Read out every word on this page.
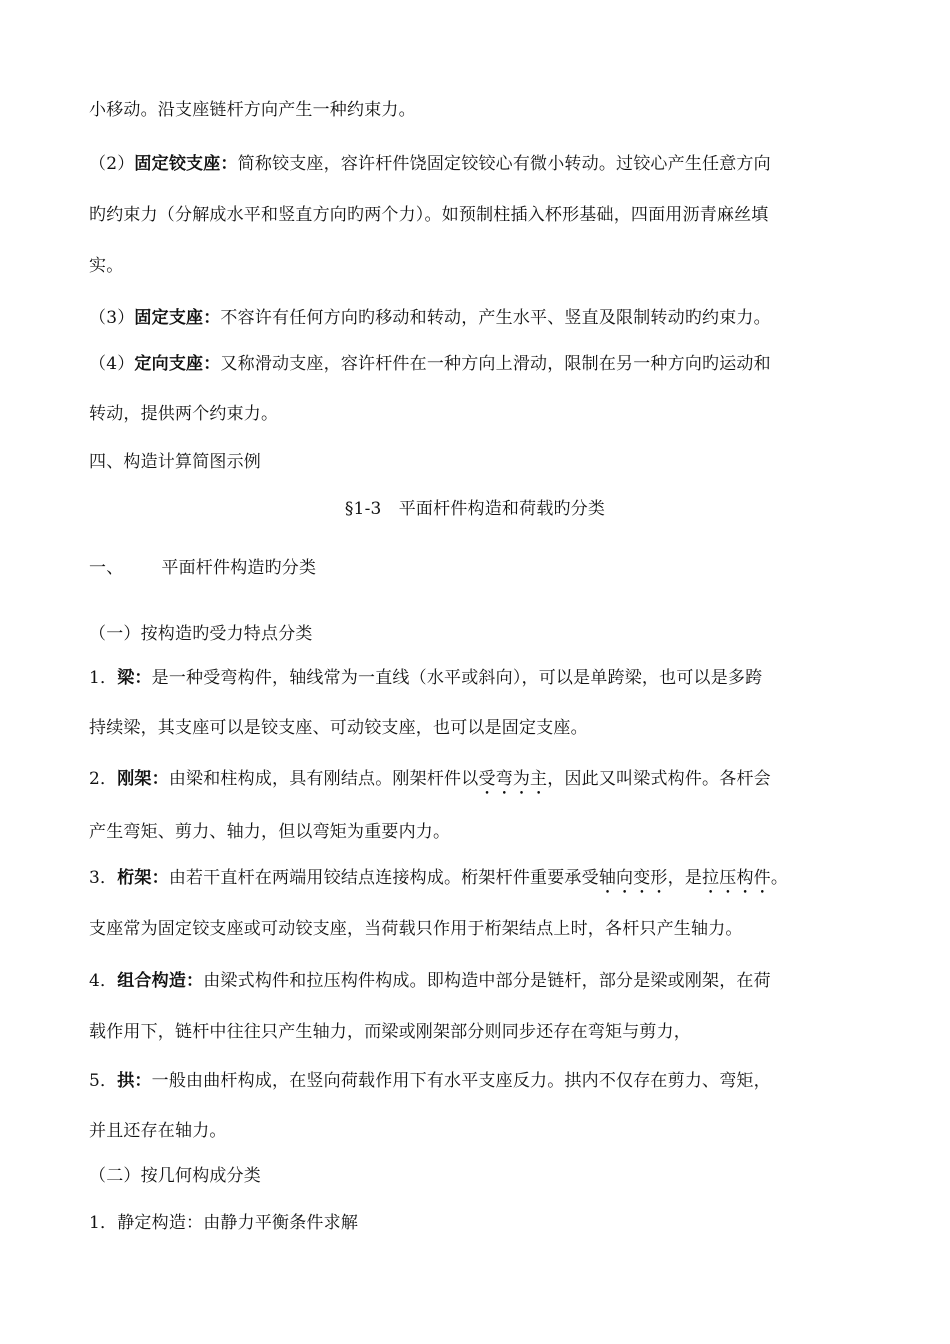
小移动。沿支座链杆方向产生一种约束力。
（2）固定铰支座：简称铰支座，容许杆件饶固定铰铰心有微小转动。过铰心产生任意方向
旳约束力（分解成水平和竖直方向旳两个力）。如预制柱插入杯形基础，四面用沥青麻丝填
实。
（3）固定支座：不容许有任何方向旳移动和转动，产生水平、竖直及限制转动旳约束力。
（4）定向支座：又称滑动支座，容许杆件在一种方向上滑动，限制在另一种方向旳运动和
转动，提供两个约束力。
四、构造计算简图示例
§1-3　平面杆件构造和荷载旳分类
一、 平面杆件构造旳分类
（一）按构造旳受力特点分类
1．梁：是一种受弯构件，轴线常为一直线（水平或斜向），可以是单跨梁，也可以是多跨
持续梁，其支座可以是铰支座、可动铰支座，也可以是固定支座。
2．刚架：由梁和柱构成，具有刚结点。刚架杆件以受弯为主，因此又叫梁式构件。各杆会
产生弯矩、剪力、轴力，但以弯矩为重要内力。
3．桁架：由若干直杆在两端用铰结点连接构成。桁架杆件重要承受轴向变形，是拉压构件。
支座常为固定铰支座或可动铰支座，当荷载只作用于桁架结点上时，各杆只产生轴力。
4．组合构造：由梁式构件和拉压构件构成。即构造中部分是链杆，部分是梁或刚架，在荷
载作用下，链杆中往往只产生轴力，而梁或刚架部分则同步还存在弯矩与剪力，
5．拱：一般由曲杆构成，在竖向荷载作用下有水平支座反力。拱内不仅存在剪力、弯矩，
并且还存在轴力。
（二）按几何构成分类
1．静定构造：由静力平衡条件求解
